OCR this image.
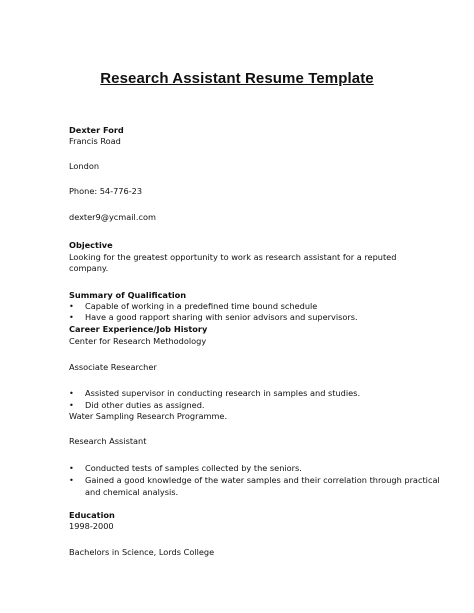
Research Assistant Resume Template
Dexter Ford
Francis Road
London
Phone: 54-776-23
dexter9@ycmail.com
Objective
Looking for the greatest opportunity to work as research assistant for a reputed
company.
Summary of Qualification
• Capable of working in a predefined time bound schedule
• Have a good rapport sharing with senior advisors and supervisors.
Career Experience/Job History
Center for Research Methodology
Associate Researcher
• Assisted supervisor in conducting research in samples and studies.
• Did other duties as assigned.
Water Sampling Research Programme.
Research Assistant
• Conducted tests of samples collected by the seniors.
• Gained a good knowledge of the water samples and their correlation through practical
and chemical analysis.
Education
1998-2000
Bachelors in Science, Lords College
